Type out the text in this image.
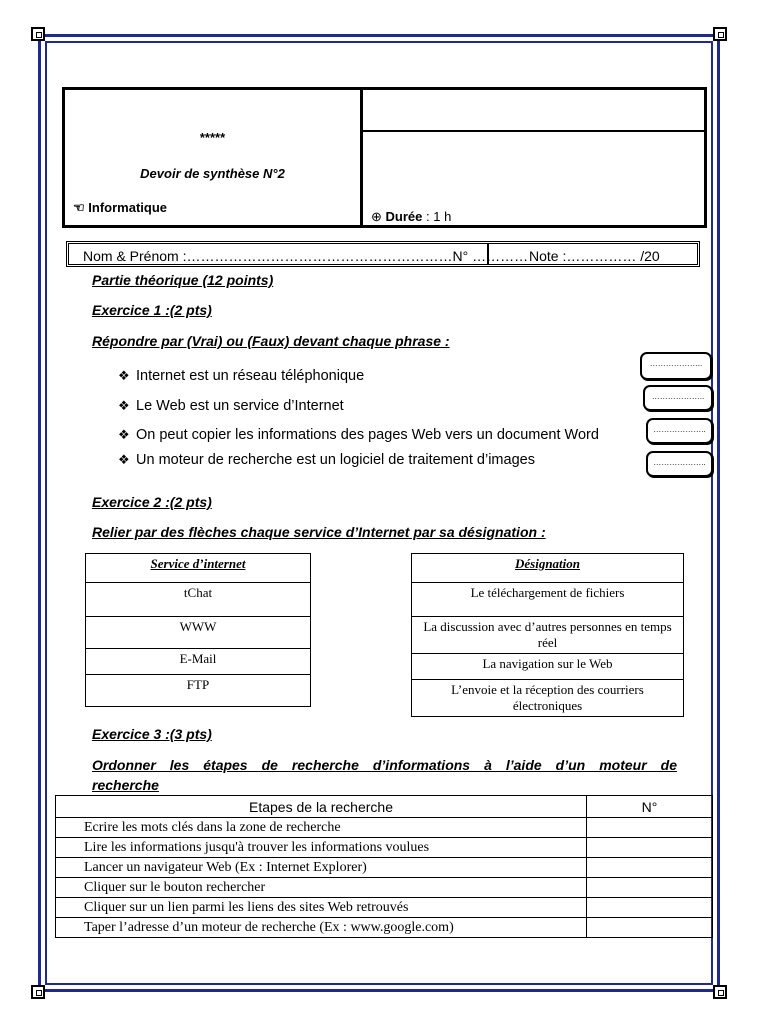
*****
Devoir de synthèse N°2
☜ Informatique
⊕ Durée : 1 h
Nom & Prénom :…………………………………………………N° ………… Note :…………… /20
Partie théorique (12 points)
Exercice 1 :(2 pts)
Répondre par (Vrai) ou (Faux) devant chaque phrase :
❖ Internet est un réseau téléphonique
❖ Le Web est un service d’Internet
❖ On peut copier les informations des pages Web vers un document Word
❖ Un moteur de recherche est un logiciel de traitement d’images
………………..
………………..
………………..
………………..
Exercice 2 :(2 pts)
Relier par des flèches chaque service d’Internet par sa désignation :
Service d’internet
tChat
WWW
E-Mail
FTP
Désignation
Le téléchargement de fichiers
La discussion avec d’autres personnes en temps réel
La navigation sur le Web
L’envoie et la réception des courriers électroniques
Exercice 3 :(3 pts)
Ordonner les étapes de recherche d’informations à l’aide d’un moteur de
recherche
Etapes de la recherche	N°
Ecrire les mots clés dans la zone de recherche	
Lire les informations jusqu'à trouver les informations voulues	
Lancer un navigateur Web (Ex : Internet Explorer)	
Cliquer sur le bouton rechercher	
Cliquer sur un lien parmi les liens des sites Web retrouvés	
Taper l’adresse d’un moteur de recherche (Ex : www.google.com)	
